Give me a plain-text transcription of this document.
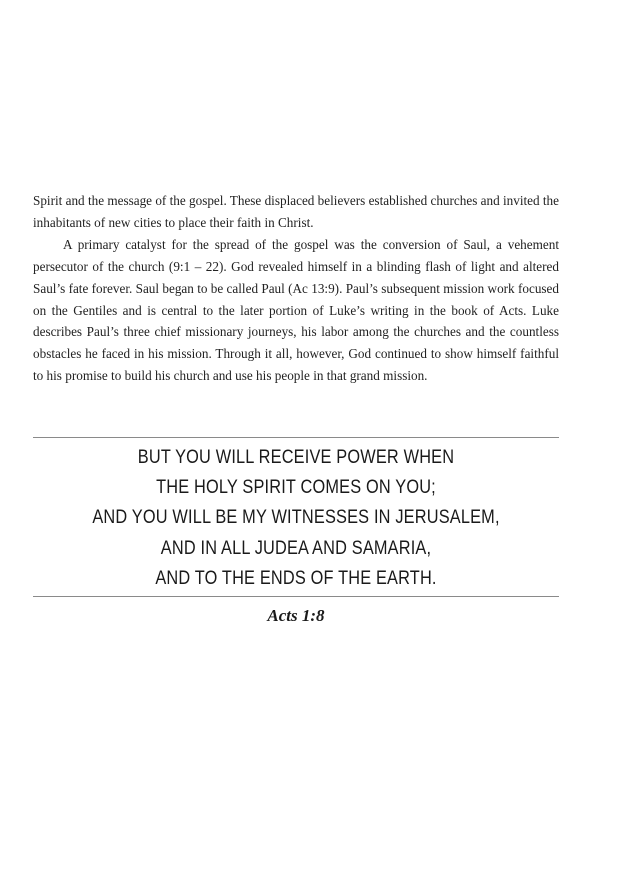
Spirit and the message of the gospel. These displaced believers established churches and invited the inhabitants of new cities to place their faith in Christ.

A primary catalyst for the spread of the gospel was the conversion of Saul, a vehement persecutor of the church (9:1 – 22). God revealed himself in a blinding flash of light and altered Saul’s fate forever. Saul began to be called Paul (Ac 13:9). Paul’s subsequent mission work focused on the Gentiles and is central to the later portion of Luke’s writing in the book of Acts. Luke describes Paul’s three chief missionary journeys, his labor among the churches and the countless obstacles he faced in his mission. Through it all, however, God continued to show himself faithful to his promise to build his church and use his people in that grand mission.

BUT YOU WILL RECEIVE POWER WHEN
THE HOLY SPIRIT COMES ON YOU;
AND YOU WILL BE MY WITNESSES IN JERUSALEM,
AND IN ALL JUDEA AND SAMARIA,
AND TO THE ENDS OF THE EARTH.
Acts 1:8
